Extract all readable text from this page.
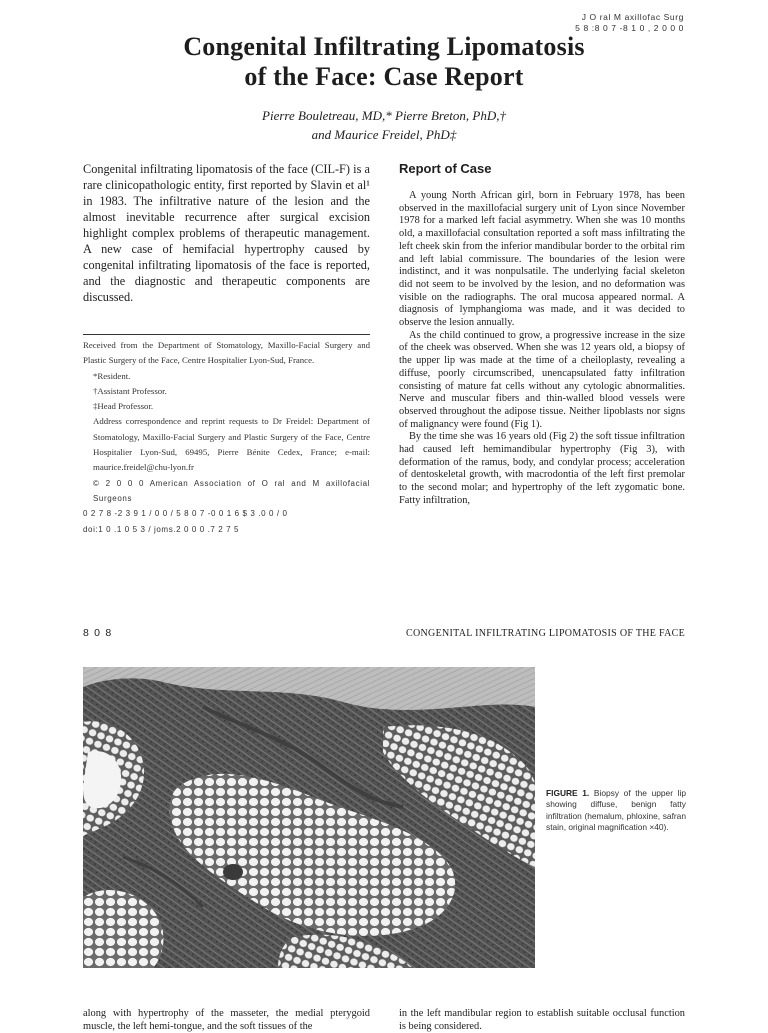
J O ral M axillofac Surg
5 8 :8 0 7 -8 1 0 , 2 0 0 0
Congenital Infiltrating Lipomatosis
of the Face: Case Report
Pierre Bouletreau, MD,* Pierre Breton, PhD,†
and Maurice Freidel, PhD‡

Congenital infiltrating lipomatosis of the face (CIL-F) is a rare clinicopathologic entity, first reported by Slavin et al¹ in 1983. The infiltrative nature of the lesion and the almost inevitable recurrence after surgical excision highlight complex problems of therapeutic management. A new case of hemifacial hypertrophy caused by congenital infiltrating lipomatosis of the face is reported, and the diagnostic and therapeutic components are discussed.

Received from the Department of Stomatology, Maxillo-Facial Surgery and Plastic Surgery of the Face, Centre Hospitalier Lyon-Sud, France.

*Resident.

†Assistant Professor.

‡Head Professor.

Address correspondence and reprint requests to Dr Freidel: Department of Stomatology, Maxillo-Facial Surgery and Plastic Surgery of the Face, Centre Hospitalier Lyon-Sud, 69495, Pierre Bénite Cedex, France; e-mail: maurice.freidel@chu-lyon.fr

© 2 0 0 0 American Association of O ral and M axillofacial Surgeons

0 2 7 8 -2 3 9 1 / 0 0 / 5 8 0 7 -0 0 1 6 $ 3 .0 0 / 0

doi:1 0 .1 0 5 3 / joms.2 0 0 0 .7 2 7 5

Report of Case

A young North African girl, born in February 1978, has been observed in the maxillofacial surgery unit of Lyon since November 1978 for a marked left facial asymmetry. When she was 10 months old, a maxillofacial consultation reported a soft mass infiltrating the left cheek skin from the inferior mandibular border to the orbital rim and left labial commissure. The boundaries of the lesion were indistinct, and it was nonpulsatile. The underlying facial skeleton did not seem to be involved by the lesion, and no deformation was visible on the radiographs. The oral mucosa appeared normal. A diagnosis of lymphangioma was made, and it was decided to observe the lesion annually.

As the child continued to grow, a progressive increase in the size of the cheek was observed. When she was 12 years old, a biopsy of the upper lip was made at the time of a cheiloplasty, revealing a diffuse, poorly circumscribed, unencapsulated fatty infiltration consisting of mature fat cells without any cytologic abnormalities. Nerve and muscular fibers and thin-walled blood vessels were observed throughout the adipose tissue. Neither lipoblasts nor signs of malignancy were found (Fig 1).

By the time she was 16 years old (Fig 2) the soft tissue infiltration had caused left hemimandibular hypertrophy (Fig 3), with deformation of the ramus, body, and condylar process; acceleration of dentoskeletal growth, with macrodontia of the left first premolar to the second molar; and hypertrophy of the left zygomatic bone. Fatty infiltration,

8 0 8	CONGENITAL INFILTRATING LIPOMATOSIS OF THE FACE
FIGURE 1. Biopsy of the upper lip showing diffuse, benign fatty infiltration (hemalum, phloxine, safran stain, original magnification ×40).

along with hypertrophy of the masseter, the medial pterygoid muscle, the left hemi-tongue, and the soft tissues of the

in the left mandibular region to establish suitable occlusal function is being considered.
